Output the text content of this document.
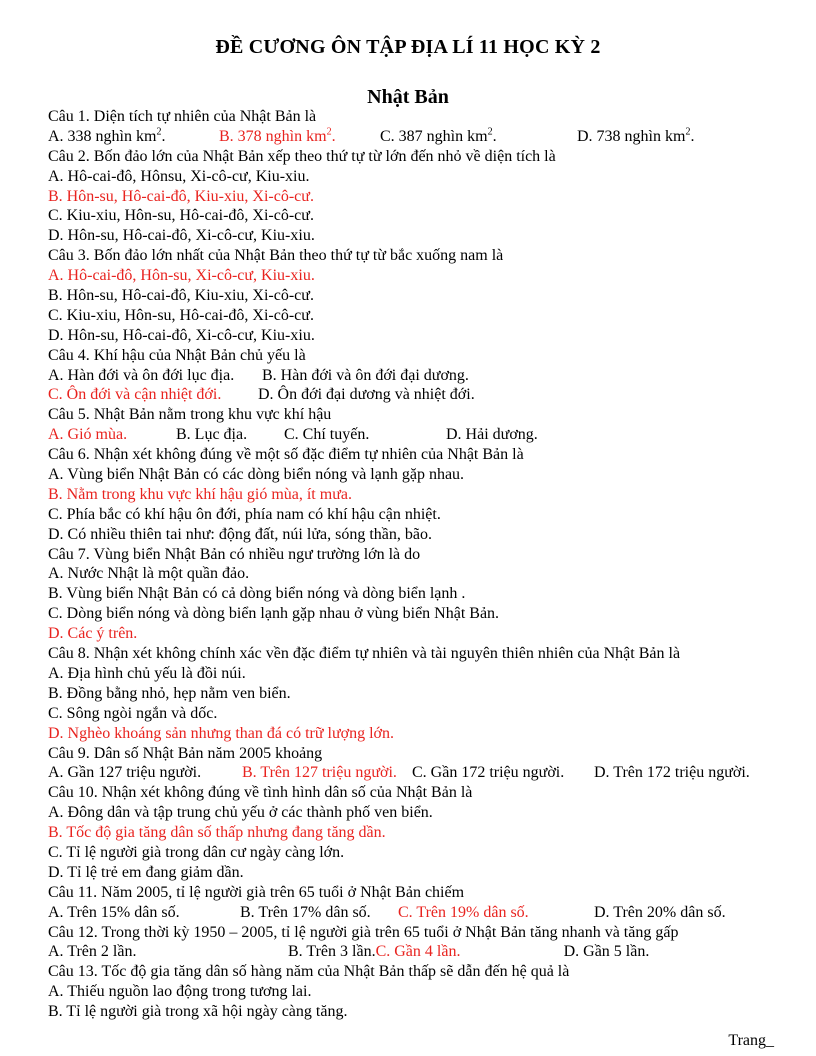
ĐỀ CƯƠNG ÔN TẬP ĐỊA LÍ 11 HỌC KỲ 2
Nhật Bản
Câu 1. Diện tích tự nhiên của Nhật Bản là
A. 338 nghìn $km^2$.	B. 378 nghìn $km^2$.	C. 387 nghìn $km^2$.	D. 738 nghìn $km^2$.
Câu 2. Bốn đảo lớn của Nhật Bản xếp theo thứ tự từ lớn đến nhỏ về diện tích là
A. Hô-cai-đô, Hônsu, Xi-cô-cư, Kiu-xiu.
B. Hôn-su, Hô-cai-đô, Kiu-xiu, Xi-cô-cư.
C. Kiu-xiu, Hôn-su, Hô-cai-đô, Xi-cô-cư.
D. Hôn-su, Hô-cai-đô, Xi-cô-cư, Kiu-xiu.
Câu 3. Bốn đảo lớn nhất của Nhật Bản theo thứ tự từ bắc xuống nam là
A. Hô-cai-đô, Hôn-su, Xi-cô-cư, Kiu-xiu.
B. Hôn-su, Hô-cai-đô, Kiu-xiu, Xi-cô-cư.
C. Kiu-xiu, Hôn-su, Hô-cai-đô, Xi-cô-cư.
D. Hôn-su, Hô-cai-đô, Xi-cô-cư, Kiu-xiu.
Câu 4. Khí hậu của Nhật Bản chủ yếu là
A. Hàn đới và ôn đới lục địa. B. Hàn đới và ôn đới đại dương.
C. Ôn đới và cận nhiệt đới. D. Ôn đới đại dương và nhiệt đới.
Câu 5. Nhật Bản nằm trong khu vực khí hậu
A. Gió mùa.	B. Lục địa. C. Chí tuyến.	D. Hải dương.
Câu 6. Nhận xét không đúng về một số đặc điểm tự nhiên của Nhật Bản là
A. Vùng biển Nhật Bản có các dòng biển nóng và lạnh gặp nhau.
B. Nằm trong khu vực khí hậu gió mùa, ít mưa.
C. Phía bắc có khí hậu ôn đới, phía nam có khí hậu cận nhiệt.
D. Có nhiều thiên tai như: động đất, núi lửa, sóng thần, bão.
Câu 7. Vùng biển Nhật Bản có nhiều ngư trường lớn là do
A. Nước Nhật là một quần đảo.
B. Vùng biển Nhật Bản có cả dòng biển nóng và dòng biển lạnh .
C. Dòng biển nóng và dòng biển lạnh gặp nhau ở vùng biển Nhật Bản.
D. Các ý trên.
Câu 8. Nhận xét không chính xác vền đặc điểm tự nhiên và tài nguyên thiên nhiên của Nhật Bản là
A. Địa hình chủ yếu là đồi núi.
B. Đồng bằng nhỏ, hẹp nằm ven biển.
C. Sông ngòi ngắn và dốc.
D. Nghèo khoáng sản nhưng than đá có trữ lượng lớn.
Câu 9. Dân số Nhật Bản năm 2005 khoảng
A. Gần 127 triệu người.	B. Trên 127 triệu người. C. Gần 172 triệu người. D. Trên 172 triệu người.
Câu 10. Nhận xét không đúng về tình hình dân số của Nhật Bản là
A. Đông dân và tập trung chủ yếu ở các thành phố ven biển.
B. Tốc độ gia tăng dân số thấp nhưng đang tăng dần.
C. Tỉ lệ người già trong dân cư ngày càng lớn.
D. Tỉ lệ trẻ em đang giảm dần.
Câu 11. Năm 2005, tỉ lệ người già trên 65 tuổi ở Nhật Bản chiếm
A. Trên 15% dân số.	B. Trên 17% dân số. C. Trên 19% dân số.	D. Trên 20% dân số.
Câu 12. Trong thời kỳ 1950 – 2005, tỉ lệ người già trên 65 tuổi ở Nhật Bản tăng nhanh và tăng gấp
A. Trên 2 lần.	B. Trên 3 lần.C. Gần 4 lần.	D. Gần 5 lần.
Câu 13. Tốc độ gia tăng dân số hàng năm của Nhật Bản thấp sẽ dẫn đến hệ quả là
A. Thiếu nguồn lao động trong tương lai.
B. Tỉ lệ người già trong xã hội ngày càng tăng.
Trang_
